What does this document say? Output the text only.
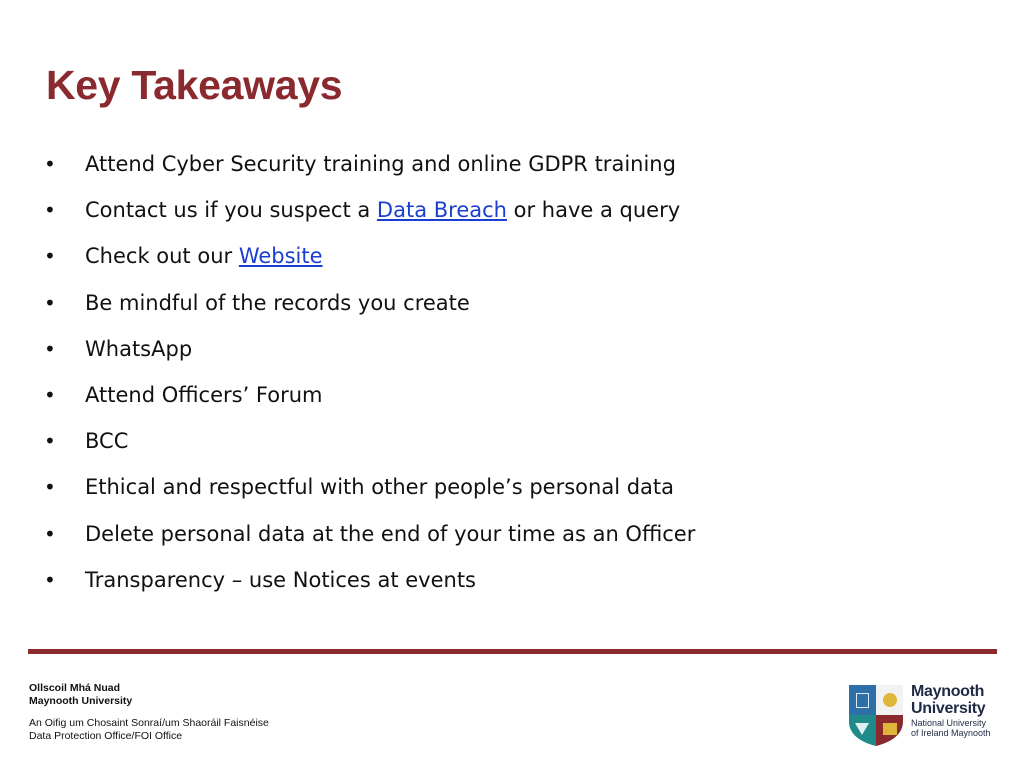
Key Takeaways
• Attend Cyber Security training and online GDPR training
• Contact us if you suspect a Data Breach or have a query
• Check out our Website
• Be mindful of the records you create
• WhatsApp
• Attend Officers’ Forum
• BCC
• Ethical and respectful with other people’s personal data
• Delete personal data at the end of your time as an Officer
• Transparency – use Notices at events
Ollscoil Mhá Nuad
Maynooth University
An Oifig um Chosaint Sonraí/um Shaoráil Faisnéise
Data Protection Office/FOI Office
Maynooth
University
National University
of Ireland Maynooth
